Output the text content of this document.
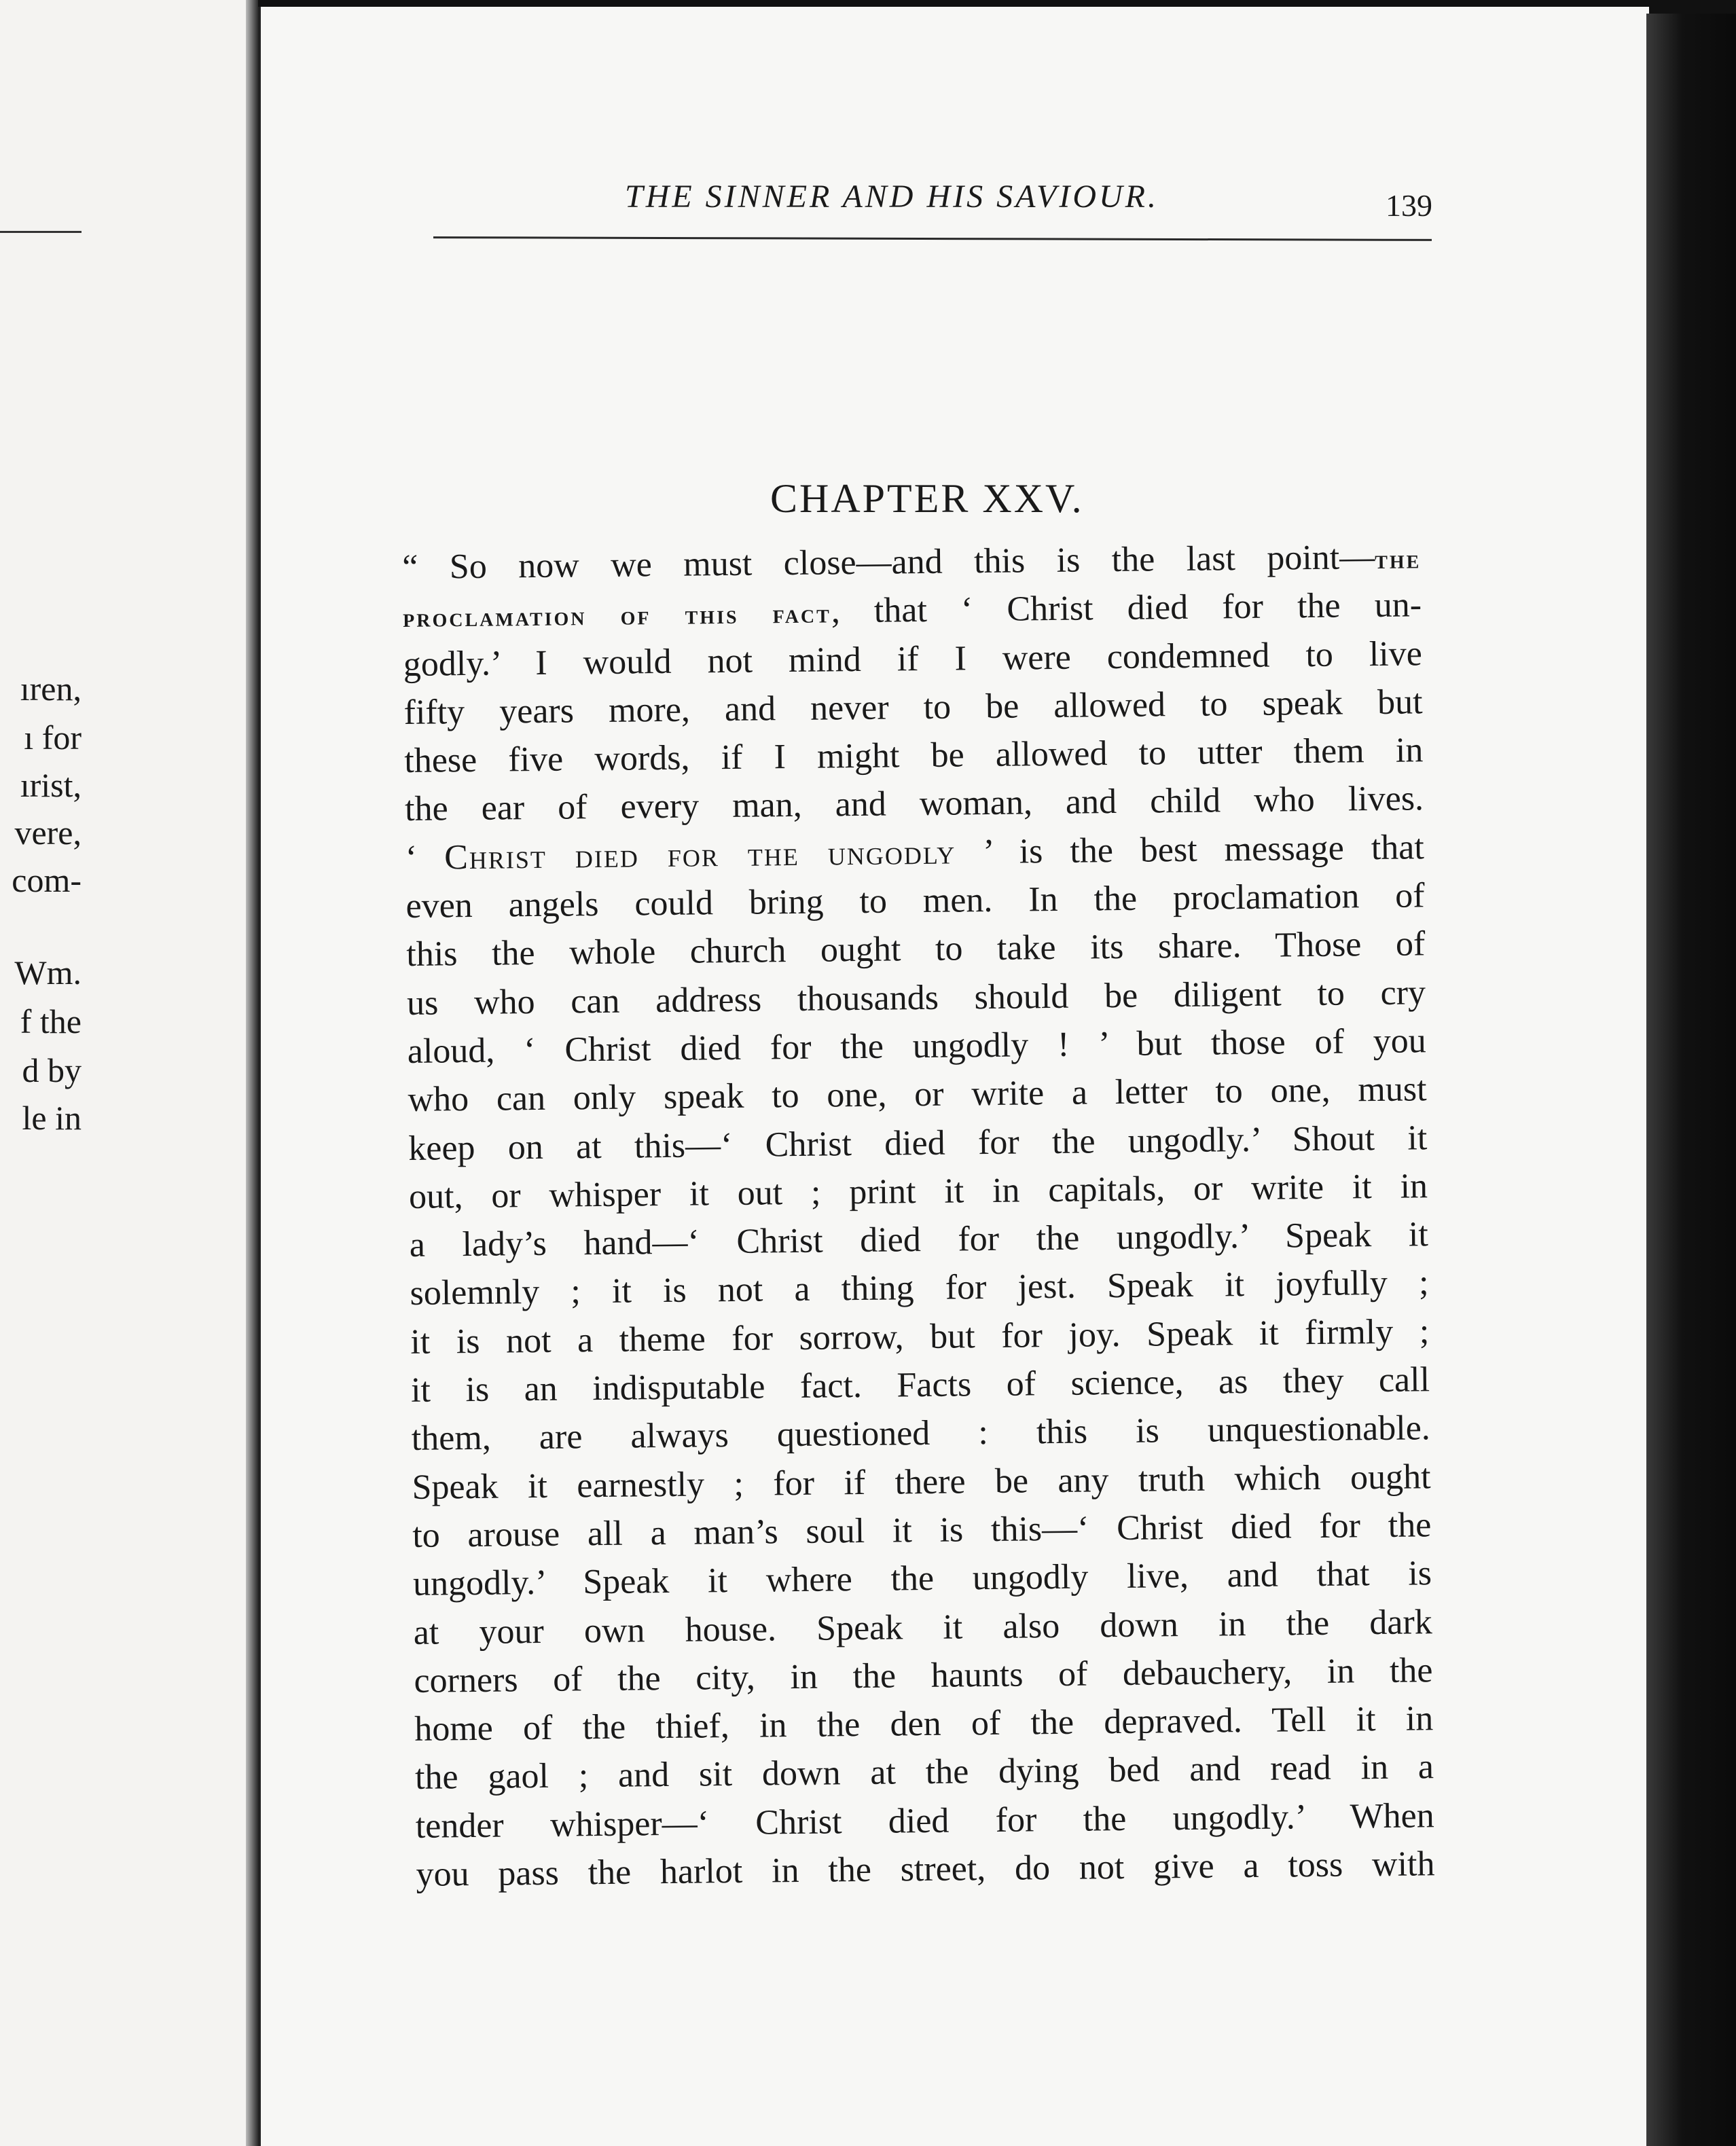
ıren,
ı for
ırist,
vere,
com-
Wm.
f the
d by
le in
THE SINNER AND HIS SAVIOUR.	139
CHAPTER XXV.
“ So now we must close—and this is the last point—the
proclamation of this fact, that ‘ Christ died for the un-
godly.’ I would not mind if I were condemned to live
fifty years more, and never to be allowed to speak but
these five words, if I might be allowed to utter them in
the ear of every man, and woman, and child who lives.
‘ Christ died for the ungodly ’ is the best message that
even angels could bring to men. In the proclamation of
this the whole church ought to take its share. Those of
us who can address thousands should be diligent to cry
aloud, ‘ Christ died for the ungodly ! ’ but those of you
who can only speak to one, or write a letter to one, must
keep on at this—‘ Christ died for the ungodly.’ Shout it
out, or whisper it out ; print it in capitals, or write it in
a lady’s hand—‘ Christ died for the ungodly.’ Speak it
solemnly ; it is not a thing for jest. Speak it joyfully ;
it is not a theme for sorrow, but for joy. Speak it firmly ;
it is an indisputable fact. Facts of science, as they call
them, are always questioned : this is unquestionable.
Speak it earnestly ; for if there be any truth which ought
to arouse all a man’s soul it is this—‘ Christ died for the
ungodly.’ Speak it where the ungodly live, and that is
at your own house. Speak it also down in the dark
corners of the city, in the haunts of debauchery, in the
home of the thief, in the den of the depraved. Tell it in
the gaol ; and sit down at the dying bed and read in a
tender whisper—‘ Christ died for the ungodly.’ When
you pass the harlot in the street, do not give a toss with
